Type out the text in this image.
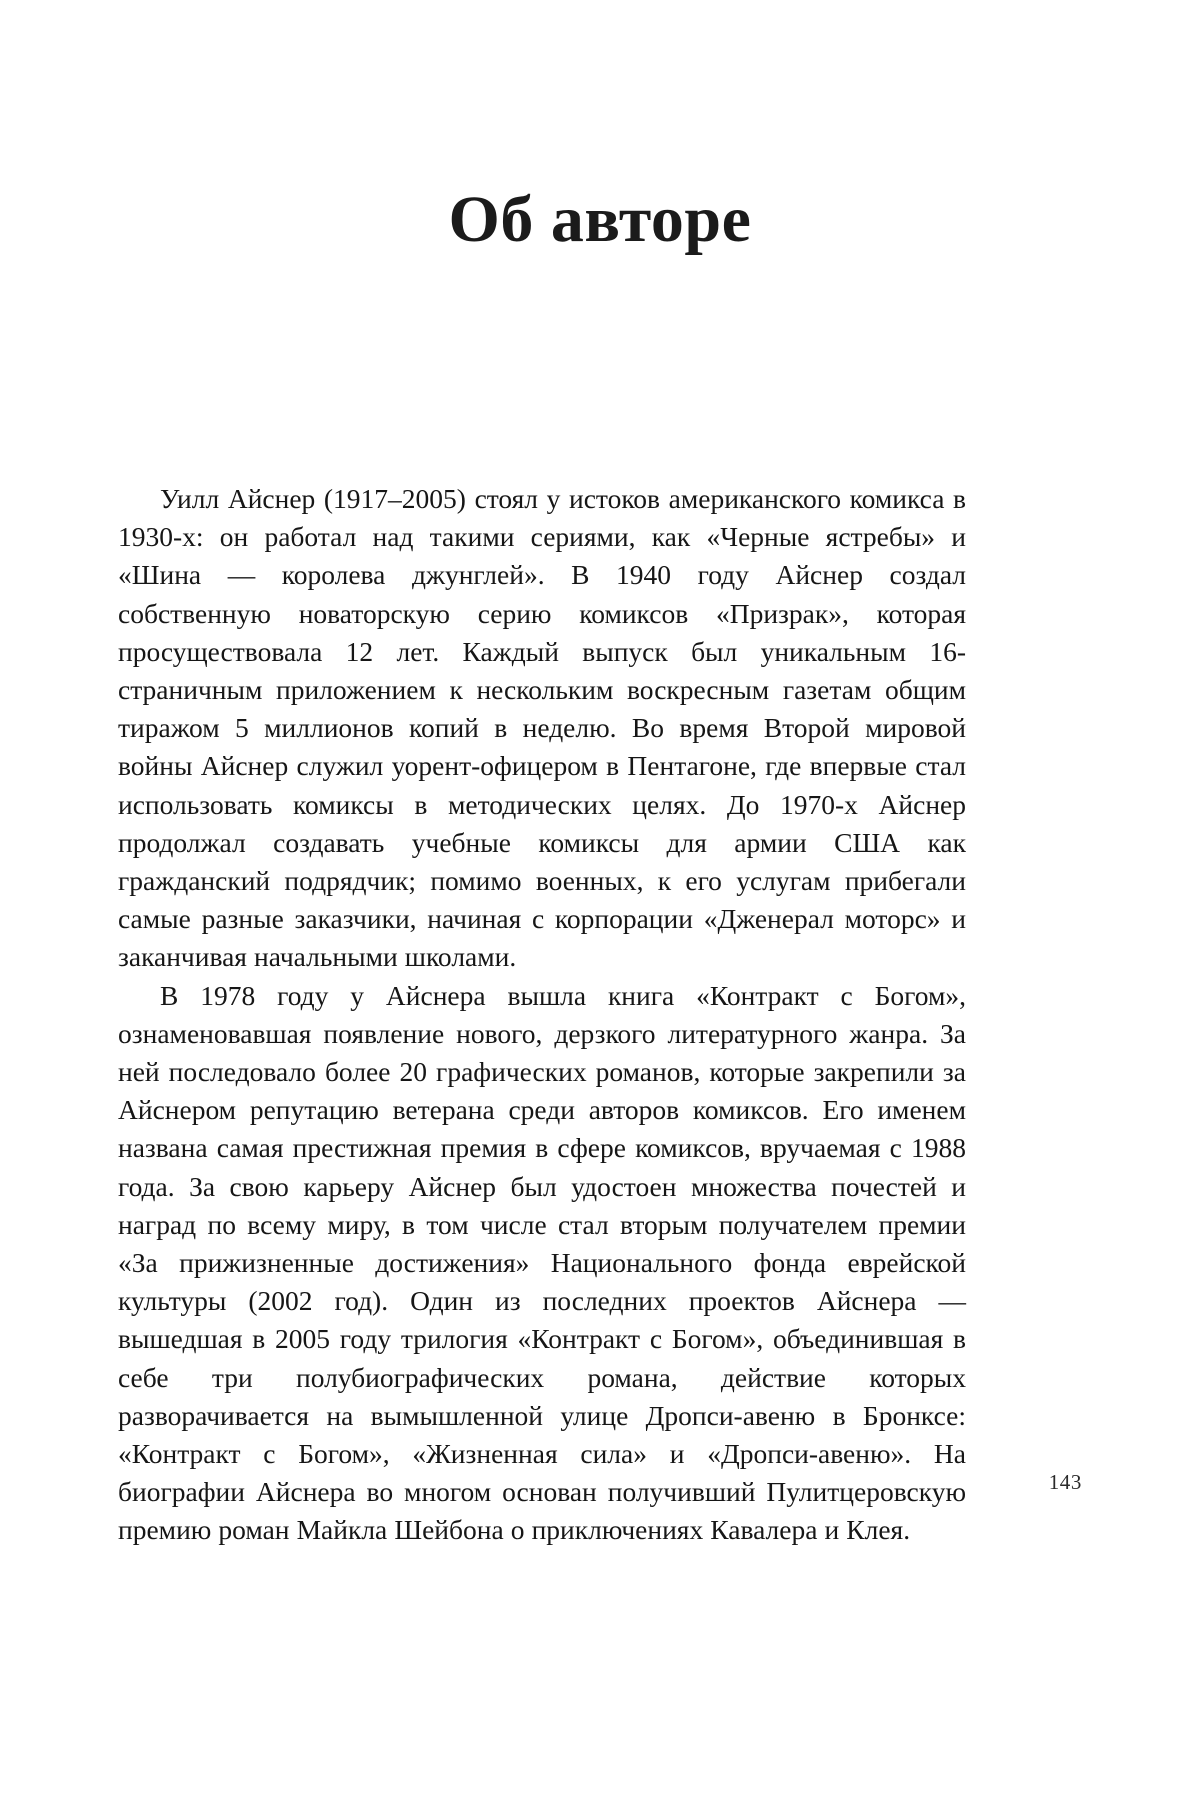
Об авторе

Уилл Айснер (1917–2005) стоял у истоков американского комикса в 1930-х: он работал над такими сериями, как «Черные ястребы» и «Шина — королева джунглей». В 1940 году Айснер создал собственную новаторскую серию комиксов «Призрак», которая просуществовала 12 лет. Каждый выпуск был уникальным 16-страничным приложением к нескольким воскресным газетам общим тиражом 5 миллионов копий в неделю. Во время Второй мировой войны Айснер служил уорент-офицером в Пентагоне, где впервые стал использовать комиксы в методических целях. До 1970-х Айснер продолжал создавать учебные комиксы для армии США как гражданский подрядчик; помимо военных, к его услугам прибегали самые разные заказчики, начиная с корпорации «Дженерал моторс» и заканчивая начальными школами.

В 1978 году у Айснера вышла книга «Контракт с Богом», ознаменовавшая появление нового, дерзкого литературного жанра. За ней последовало более 20 графических романов, которые закрепили за Айснером репутацию ветерана среди авторов комиксов. Его именем названа самая престижная премия в сфере комиксов, вручаемая с 1988 года. За свою карьеру Айснер был удостоен множества почестей и наград по всему миру, в том числе стал вторым получателем премии «За прижизненные достижения» Национального фонда еврейской культуры (2002 год). Один из последних проектов Айснера — вышедшая в 2005 году трилогия «Контракт с Богом», объединившая в себе три полубиографических романа, действие которых разворачивается на вымышленной улице Дропси-авеню в Бронксе: «Контракт с Богом», «Жизненная сила» и «Дропси-авеню». На биографии Айснера во многом основан получивший Пулитцеровскую премию роман Майкла Шейбона о приключениях Кавалера и Клея.

143
